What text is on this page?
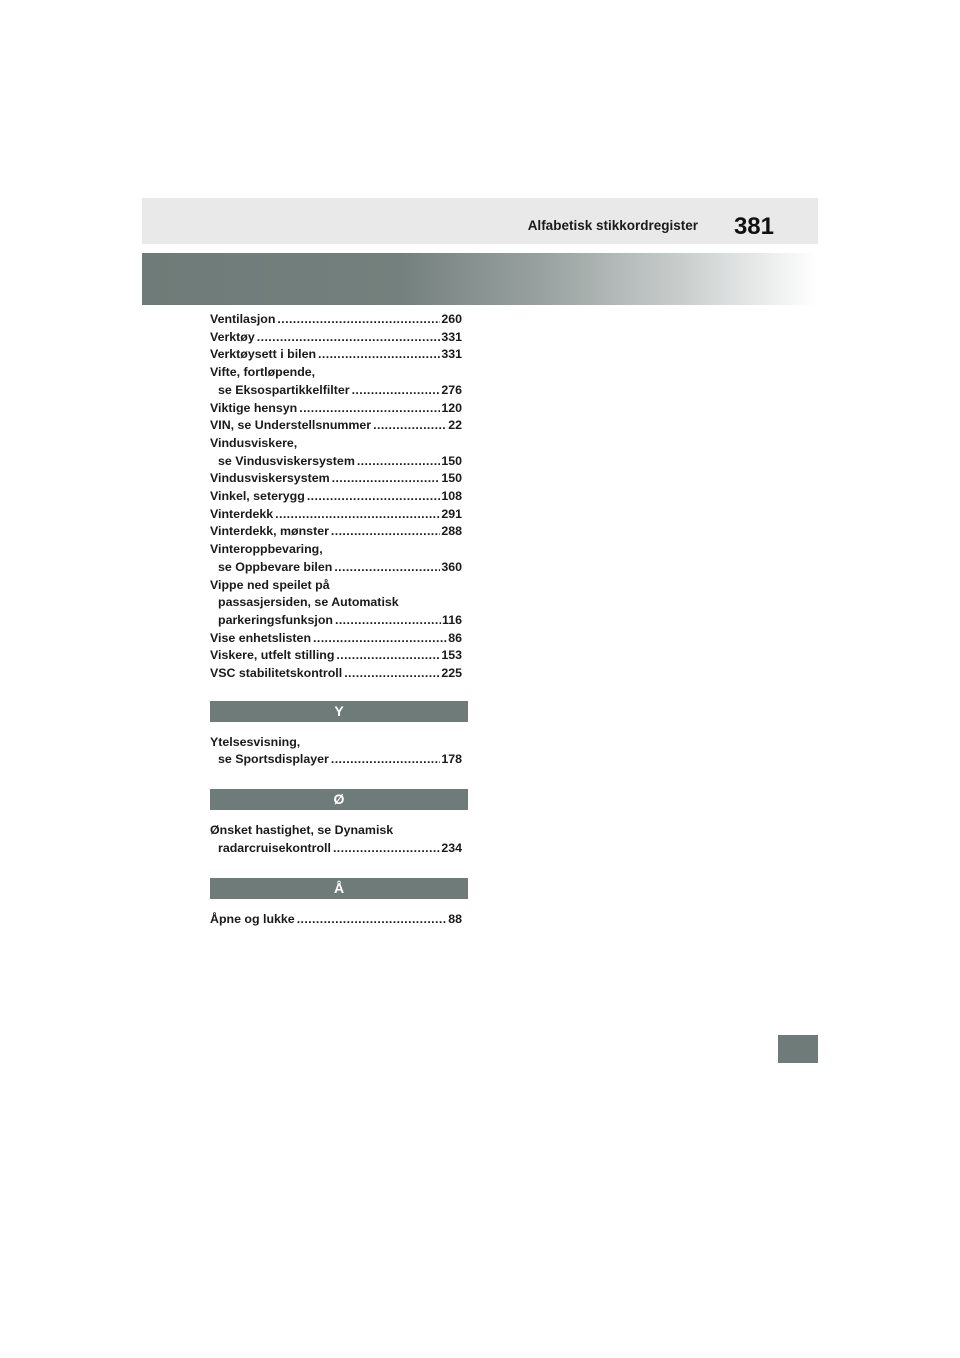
Alfabetisk stikkordregister 381
Ventilasjon .....	260
Verktøy .....	331
Verktøysett i bilen .....	331
Vifte, fortløpende,
se Eksospartikkelfilter .....	276
Viktige hensyn .....	120
VIN, se Understellsnummer .....	22
Vindusviskere,
se Vindusviskersystem .....	150
Vindusviskersystem .....	150
Vinkel, seterygg .....	108
Vinterdekk .....	291
Vinterdekk, mønster .....	288
Vinteroppbevaring,
se Oppbevare bilen .....	360
Vippe ned speilet på
passasjersiden, se Automatisk
parkeringsfunksjon .....	116
Vise enhetslisten .....	86
Viskere, utfelt stilling .....	153
VSC stabilitetskontroll .....	225
Y
Ytelsesvisning,
se Sportsdisplayer .....	178
Ø
Ønsket hastighet, se Dynamisk
radarcruisekontroll .....	234
Å
Åpne og lukke .....	88
